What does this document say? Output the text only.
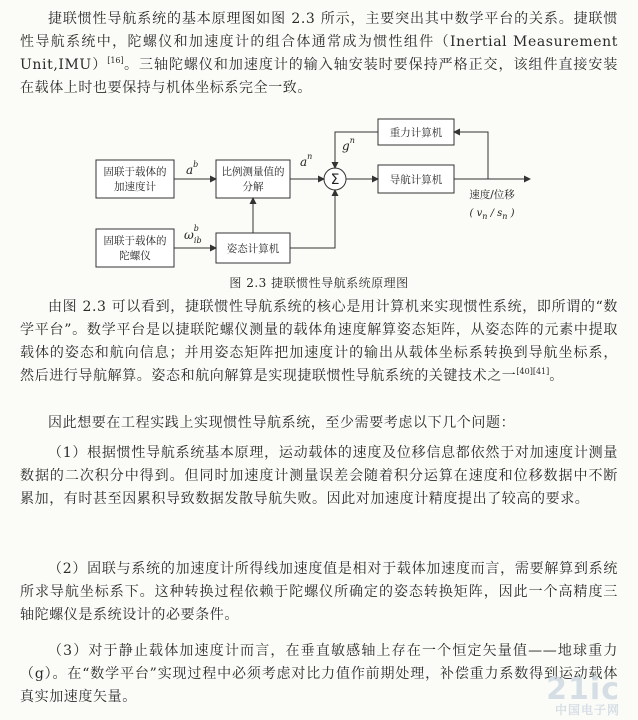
捷联惯性导航系统的基本原理图如图 2.3 所示，主要突出其中数学平台的关系。捷联惯性导航系统中，陀螺仪和加速度计的组合体通常成为惯性组件（Inertial Measurement Unit,IMU）[16]。三轴陀螺仪和加速度计的输入轴安装时要保持严格正交，该组件直接安装在载体上时也要保持与机体坐标系完全一致。

固联于载体的
加速度计
固联于载体的
陀螺仪
比例测量值的
分解
姿态计算机
重力计算机
导航计算机
Σ
$a^b$	$a^n$
$g^n$
$\omega^b$ ib
速度/位移
( $v_n / s_n$ )
图 2.3 捷联惯性导航系统原理图

由图 2.3 可以看到，捷联惯性导航系统的核心是用计算机来实现惯性系统，即所谓的“数学平台”。数学平台是以捷联陀螺仪测量的载体角速度解算姿态矩阵，从姿态阵的元素中提取载体的姿态和航向信息；并用姿态矩阵把加速度计的输出从载体坐标系转换到导航坐标系，然后进行导航解算。姿态和航向解算是实现捷联惯性导航系统的关键技术之一[40][41]。

因此想要在工程实践上实现惯性导航系统，至少需要考虑以下几个问题：

（1）根据惯性导航系统基本原理，运动载体的速度及位移信息都依然于对加速度计测量数据的二次积分中得到。但同时加速度计测量误差会随着积分运算在速度和位移数据中不断累加，有时甚至因累积导致数据发散导航失败。因此对加速度计精度提出了较高的要求。

（2）固联与系统的加速度计所得线加速度值是相对于载体加速度而言，需要解算到系统所求导航坐标系下。这种转换过程依赖于陀螺仪所确定的姿态转换矩阵，因此一个高精度三轴陀螺仪是系统设计的必要条件。

（3）对于静止载体加速度计而言，在垂直敏感轴上存在一个恒定矢量值——地球重力（g）。在“数学平台”实现过程中必须考虑对比力值作前期处理，补偿重力系数得到运动载体真实加速度矢量。	21ic
中国电子网
